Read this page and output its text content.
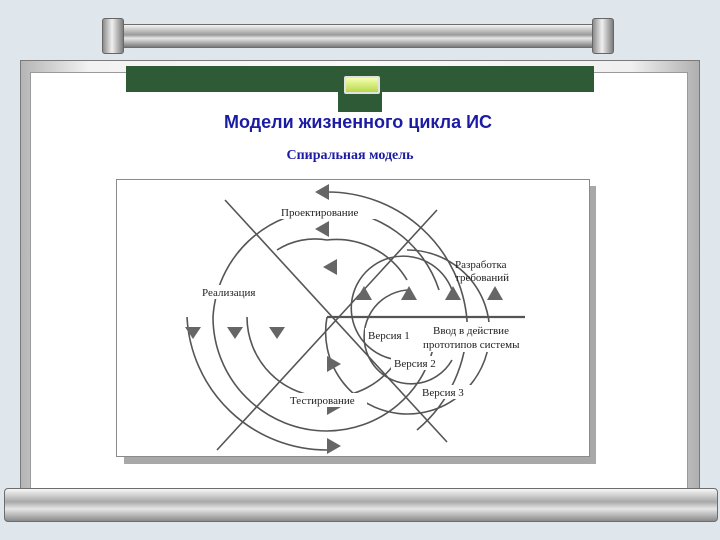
Модели жизненного цикла ИС
Спиральная модель
Проектирование
Разработка
требований
Реализация
Ввод в действие
прототипов системы
Версия 1
Версия 2
Версия 3
Тестирование
